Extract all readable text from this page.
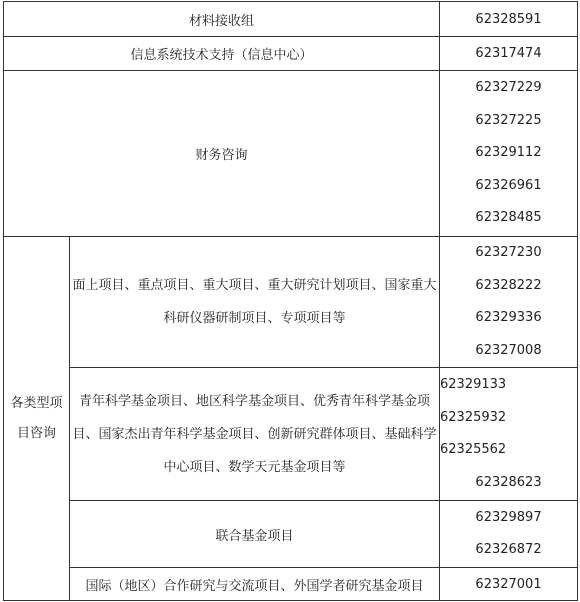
材料接收组		62328591
信息系统技术支持（信息中心）		62317474
财务咨询		62327229
62327225
62329112
62326961
62328485

各类型项目咨询	面上项目、重点项目、重大项目、重大研究计划项目、国家重大科研仪器研制项目、专项项目等	62327230
62328222
62329336
62327008

	青年科学基金项目、地区科学基金项目、优秀青年科学基金项目、国家杰出青年科学基金项目、创新研究群体项目、基础科学中心项目、数学天元基金项目等	62329133
62325932
62325562
62328623

	联合基金项目	62329897
62326872

	国际（地区）合作研究与交流项目、外国学者研究基金项目	62327001
